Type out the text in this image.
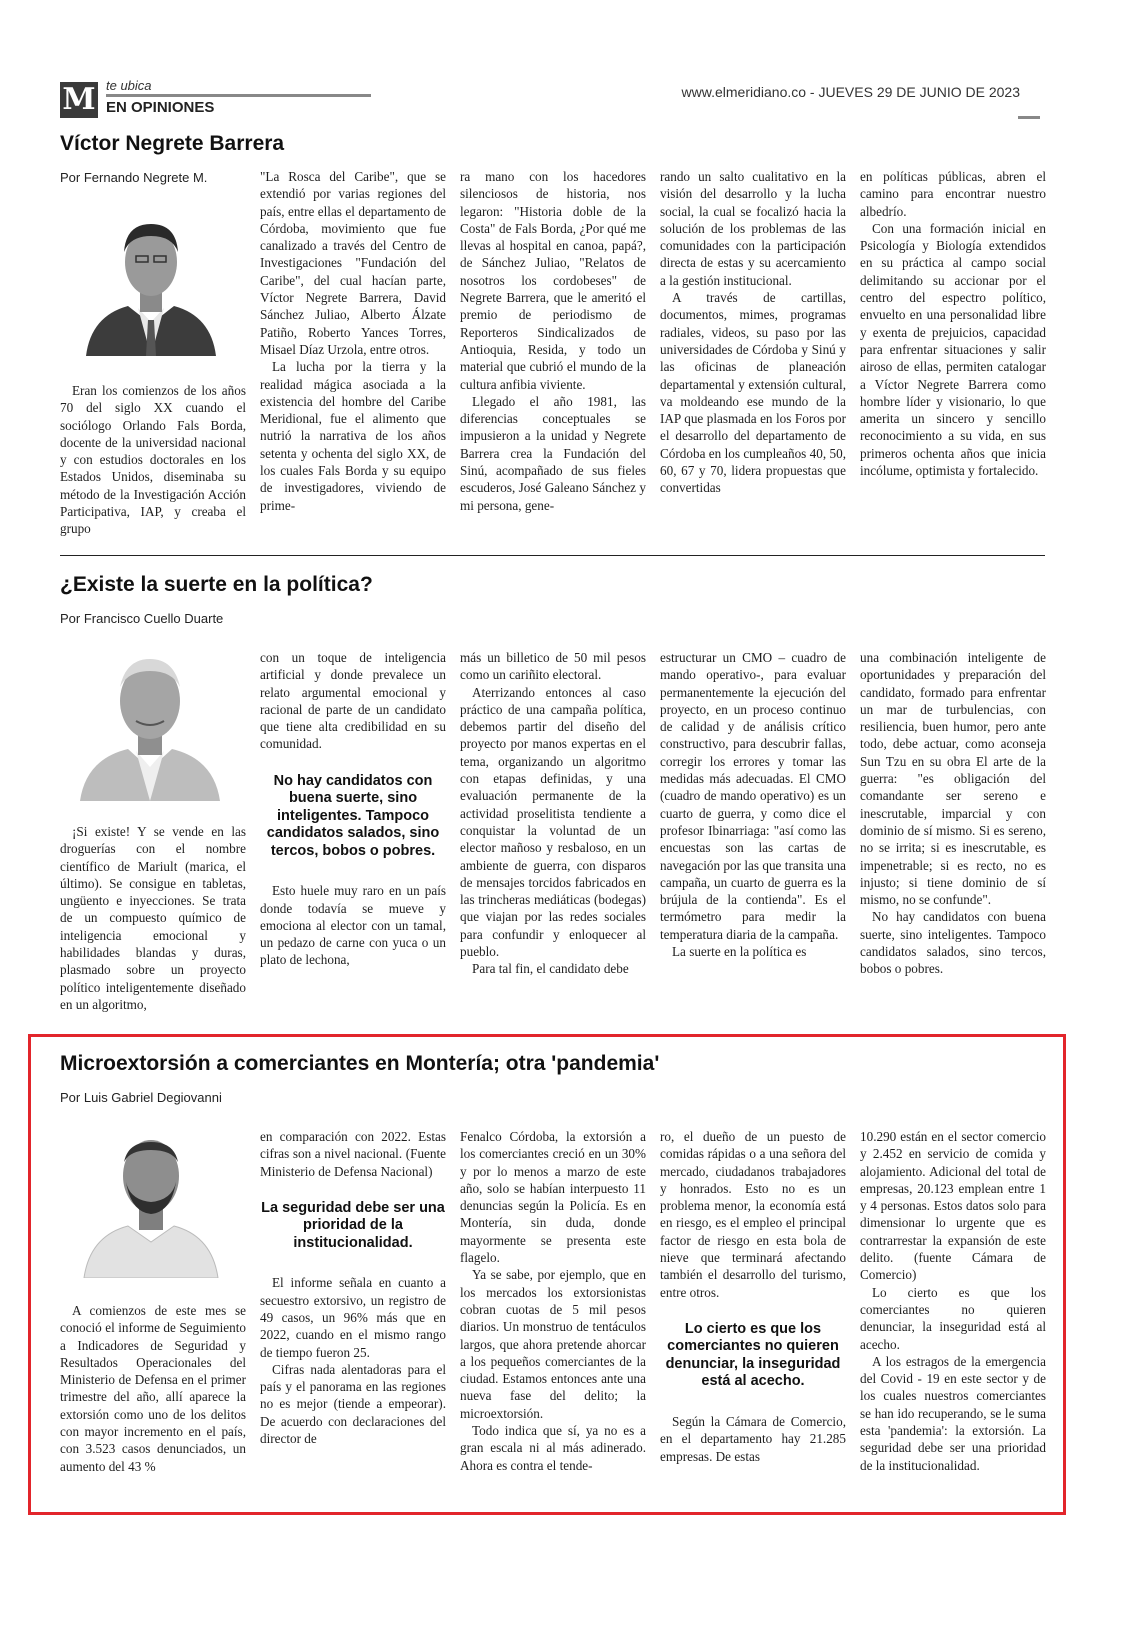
M te ubica
EN OPINIONES
www.elmeridiano.co - JUEVES 29 DE JUNIO DE 2023
Víctor Negrete Barrera
Por Fernando Negrete M.

Eran los comienzos de los años 70 del siglo XX cuando el sociólogo Orlando Fals Borda, docente de la universidad nacional y con estudios doctorales en los Estados Unidos, diseminaba su método de la Investigación Acción Participativa, IAP, y creaba el grupo

"La Rosca del Caribe", que se extendió por varias regiones del país, entre ellas el departamento de Córdoba, movimiento que fue canalizado a través del Centro de Investigaciones "Fundación del Caribe", del cual hacían parte, Víctor Negrete Barrera, David Sánchez Juliao, Alberto Álzate Patiño, Roberto Yances Torres, Misael Díaz Urzola, entre otros.

La lucha por la tierra y la realidad mágica asociada a la existencia del hombre del Caribe Meridional, fue el alimento que nutrió la narrativa de los años setenta y ochenta del siglo XX, de los cuales Fals Borda y su equipo de investigadores, viviendo de prime-

ra mano con los hacedores silenciosos de historia, nos legaron: "Historia doble de la Costa" de Fals Borda, ¿Por qué me llevas al hospital en canoa, papá?, de Sánchez Juliao, "Relatos de nosotros los cordobeses" de Negrete Barrera, que le ameritó el premio de periodismo de Reporteros Sindicalizados de Antioquia, Resida, y todo un material que cubrió el mundo de la cultura anfibia viviente.

Llegado el año 1981, las diferencias conceptuales se impusieron a la unidad y Negrete Barrera crea la Fundación del Sinú, acompañado de sus fieles escuderos, José Galeano Sánchez y mi persona, gene-

rando un salto cualitativo en la visión del desarrollo y la lucha social, la cual se focalizó hacia la solución de los problemas de las comunidades con la participación directa de estas y su acercamiento a la gestión institucional.

A través de cartillas, documentos, mimes, programas radiales, videos, su paso por las universidades de Córdoba y Sinú y las oficinas de planeación departamental y extensión cultural, va moldeando ese mundo de la IAP que plasmada en los Foros por el desarrollo del departamento de Córdoba en los cumpleaños 40, 50, 60, 67 y 70, lidera propuestas que convertidas

en políticas públicas, abren el camino para encontrar nuestro albedrío.

Con una formación inicial en Psicología y Biología extendidos en su práctica al campo social delimitando su accionar por el centro del espectro político, envuelto en una personalidad libre y exenta de prejuicios, capacidad para enfrentar situaciones y salir airoso de ellas, permiten catalogar a Víctor Negrete Barrera como hombre líder y visionario, lo que amerita un sincero y sencillo reconocimiento a su vida, en sus primeros ochenta años que inicia incólume, optimista y fortalecido.

¿Existe la suerte en la política?
Por Francisco Cuello Duarte

¡Si existe! Y se vende en las droguerías con el nombre científico de Mariult (marica, el último). Se consigue en tabletas, ungüento e inyecciones. Se trata de un compuesto químico de inteligencia emocional y habilidades blandas y duras, plasmado sobre un proyecto político inteligentemente diseñado en un algoritmo,

con un toque de inteligencia artificial y donde prevalece un relato argumental emocional y racional de parte de un candidato que tiene alta credibilidad en su comunidad.

No hay candidatos con buena suerte, sino inteligentes. Tampoco candidatos salados, sino tercos, bobos o pobres.

Esto huele muy raro en un país donde todavía se mueve y emociona al elector con un tamal, un pedazo de carne con yuca o un plato de lechona,

más un billetico de 50 mil pesos como un cariñito electoral.

Aterrizando entonces al caso práctico de una campaña política, debemos partir del diseño del proyecto por manos expertas en el tema, organizando un algoritmo con etapas definidas, y una evaluación permanente de la actividad proselitista tendiente a conquistar la voluntad de un elector mañoso y resbaloso, en un ambiente de guerra, con disparos de mensajes torcidos fabricados en las trincheras mediáticas (bodegas) que viajan por las redes sociales para confundir y enloquecer al pueblo.

Para tal fin, el candidato debe

estructurar un CMO – cuadro de mando operativo-, para evaluar permanentemente la ejecución del proyecto, en un proceso continuo de calidad y de análisis crítico constructivo, para descubrir fallas, corregir los errores y tomar las medidas más adecuadas. El CMO (cuadro de mando operativo) es un cuarto de guerra, y como dice el profesor Ibinarriaga: "así como las encuestas son las cartas de navegación por las que transita una campaña, un cuarto de guerra es la brújula de la contienda". Es el termómetro para medir la temperatura diaria de la campaña.

La suerte en la política es

una combinación inteligente de oportunidades y preparación del candidato, formado para enfrentar un mar de turbulencias, con resiliencia, buen humor, pero ante todo, debe actuar, como aconseja Sun Tzu en su obra El arte de la guerra: "es obligación del comandante ser sereno e inescrutable, imparcial y con dominio de sí mismo. Si es sereno, no se irrita; si es inescrutable, es impenetrable; si es recto, no es injusto; si tiene dominio de sí mismo, no se confunde".

No hay candidatos con buena suerte, sino inteligentes. Tampoco candidatos salados, sino tercos, bobos o pobres.

Microextorsión a comerciantes en Montería; otra 'pandemia'
Por Luis Gabriel Degiovanni

A comienzos de este mes se conoció el informe de Seguimiento a Indicadores de Seguridad y Resultados Operacionales del Ministerio de Defensa en el primer trimestre del año, allí aparece la extorsión como uno de los delitos con mayor incremento en el país, con 3.523 casos denunciados, un aumento del 43 %

en comparación con 2022. Estas cifras son a nivel nacional. (Fuente Ministerio de Defensa Nacional)

La seguridad debe ser una prioridad de la institucionalidad.

El informe señala en cuanto a secuestro extorsivo, un registro de 49 casos, un 96% más que en 2022, cuando en el mismo rango de tiempo fueron 25.

Cifras nada alentadoras para el país y el panorama en las regiones no es mejor (tiende a empeorar). De acuerdo con declaraciones del director de

Fenalco Córdoba, la extorsión a los comerciantes creció en un 30% y por lo menos a marzo de este año, solo se habían interpuesto 11 denuncias según la Policía. Es en Montería, sin duda, donde mayormente se presenta este flagelo.

Ya se sabe, por ejemplo, que en los mercados los extorsionistas cobran cuotas de 5 mil pesos diarios. Un monstruo de tentáculos largos, que ahora pretende ahorcar a los pequeños comerciantes de la ciudad. Estamos entonces ante una nueva fase del delito; la microextorsión.

Todo indica que sí, ya no es a gran escala ni al más adinerado. Ahora es contra el tende-

ro, el dueño de un puesto de comidas rápidas o a una señora del mercado, ciudadanos trabajadores y honrados. Esto no es un problema menor, la economía está en riesgo, es el empleo el principal factor de riesgo en esta bola de nieve que terminará afectando también el desarrollo del turismo, entre otros.

Lo cierto es que los comerciantes no quieren denunciar, la inseguridad está al acecho.

Según la Cámara de Comercio, en el departamento hay 21.285 empresas. De estas

10.290 están en el sector comercio y 2.452 en servicio de comida y alojamiento. Adicional del total de empresas, 20.123 emplean entre 1 y 4 personas. Estos datos solo para dimensionar lo urgente que es contrarrestar la expansión de este delito. (fuente Cámara de Comercio)

Lo cierto es que los comerciantes no quieren denunciar, la inseguridad está al acecho.

A los estragos de la emergencia del Covid - 19 en este sector y de los cuales nuestros comerciantes se han ido recuperando, se le suma esta 'pandemia': la extorsión. La seguridad debe ser una prioridad de la institucionalidad.
